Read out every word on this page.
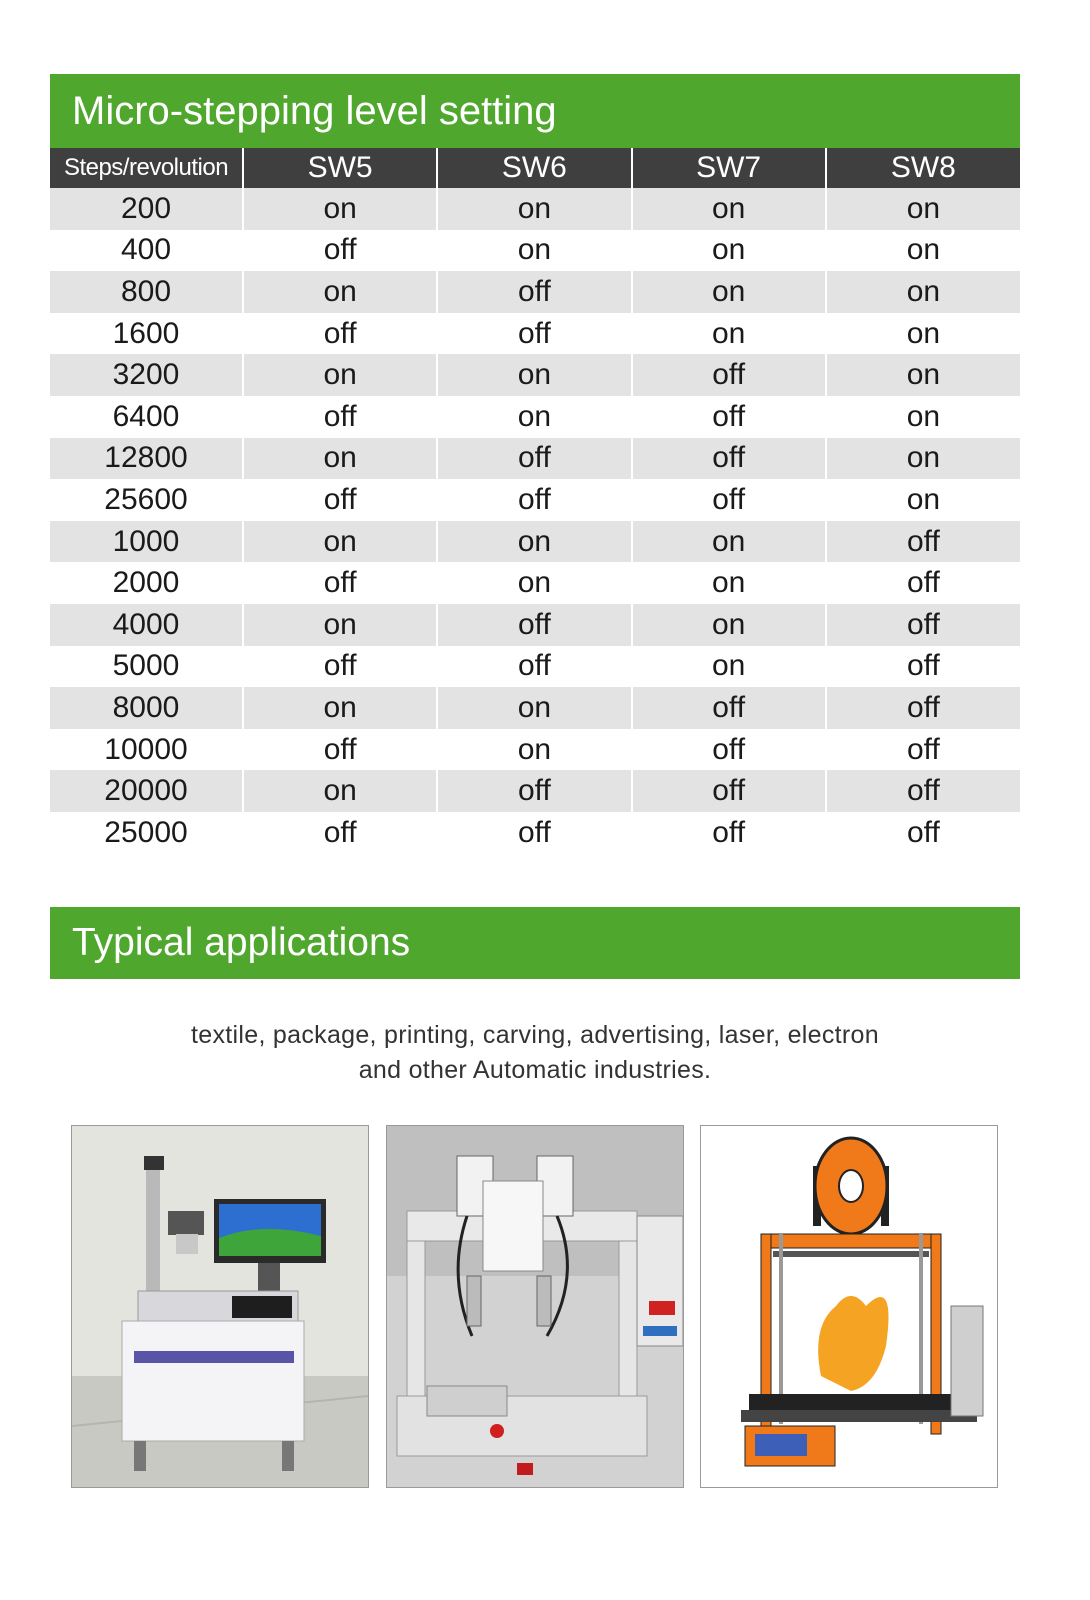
Micro-stepping level setting
Steps/revolution	SW5	SW6	SW7	SW8
200	on	on	on	on
400	off	on	on	on
800	on	off	on	on
1600	off	off	on	on
3200	on	on	off	on
6400	off	on	off	on
12800	on	off	off	on
25600	off	off	off	on
1000	on	on	on	off
2000	off	on	on	off
4000	on	off	on	off
5000	off	off	on	off
8000	on	on	off	off
10000	off	on	off	off
20000	on	off	off	off
25000	off	off	off	off
Typical applications
textile, package, printing, carving, advertising, laser, electron
and other Automatic industries.
